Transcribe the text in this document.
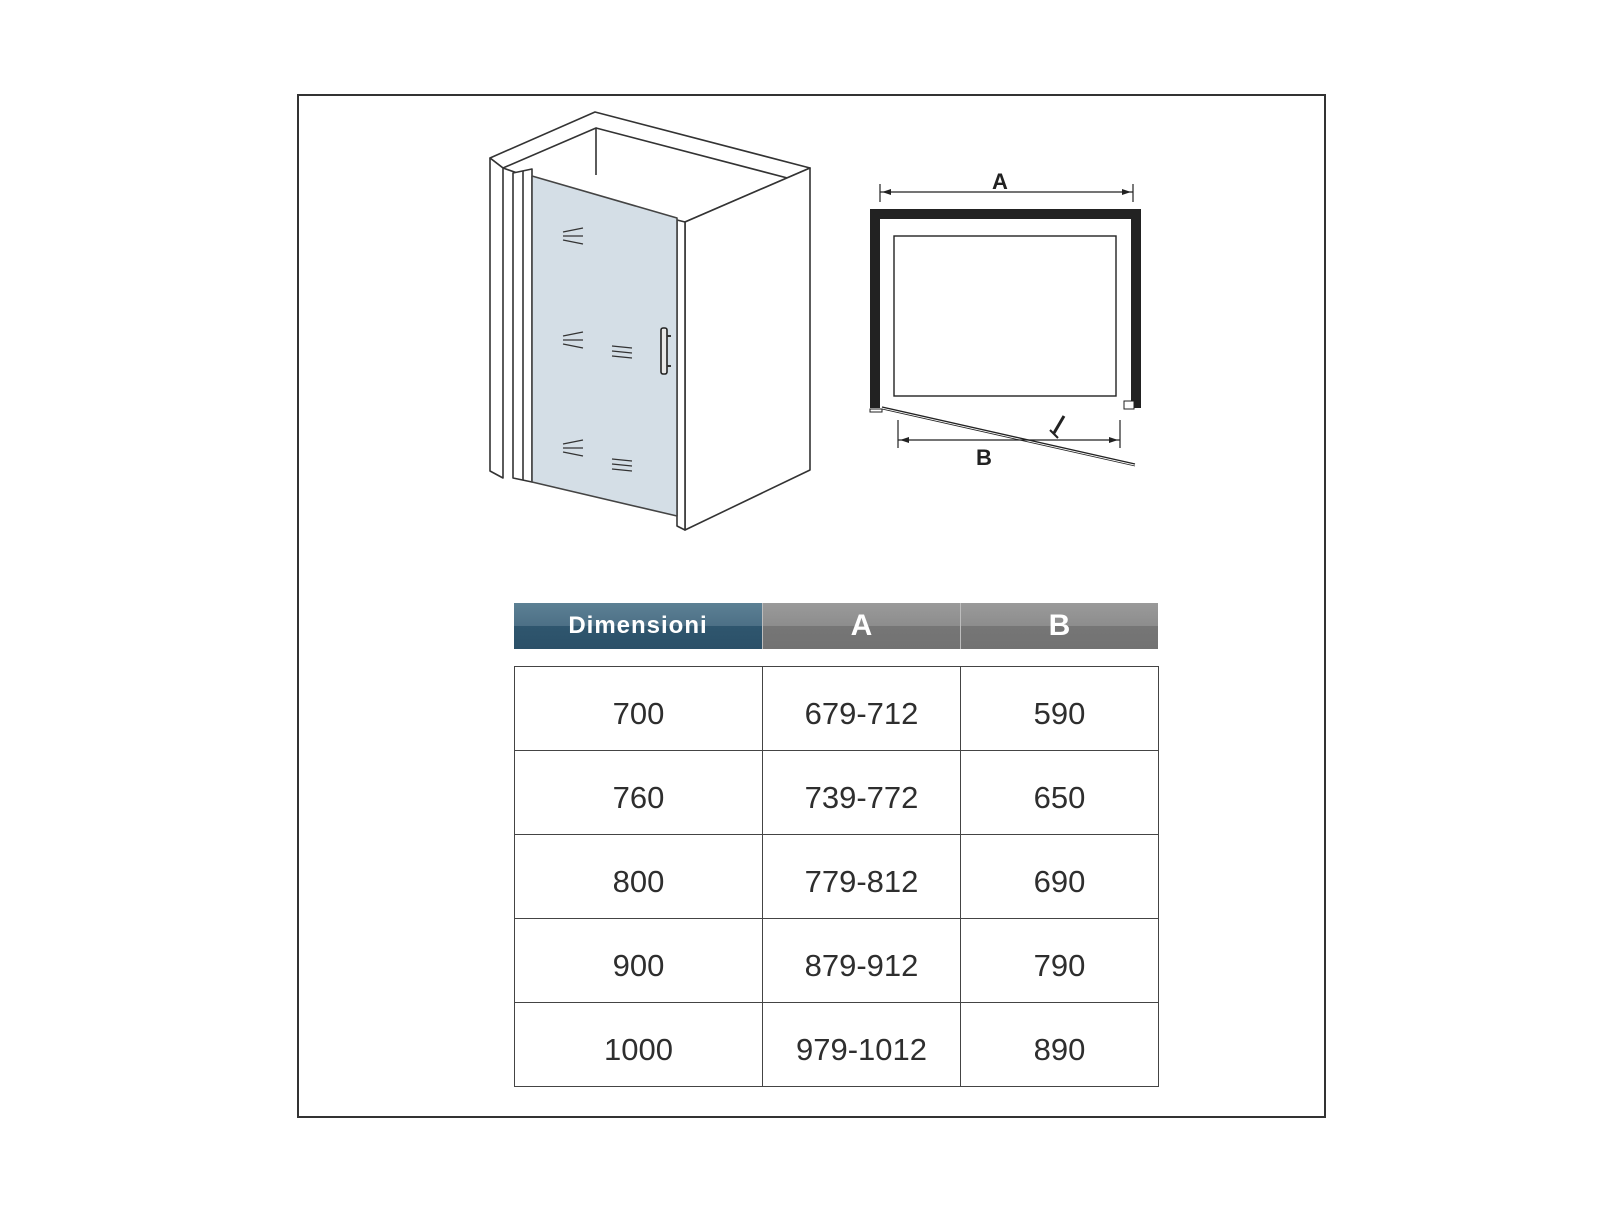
A
B
Dimensioni	A	B
700	679-712	590
760	739-772	650
800	779-812	690
900	879-912	790
1000	979-1012	890
